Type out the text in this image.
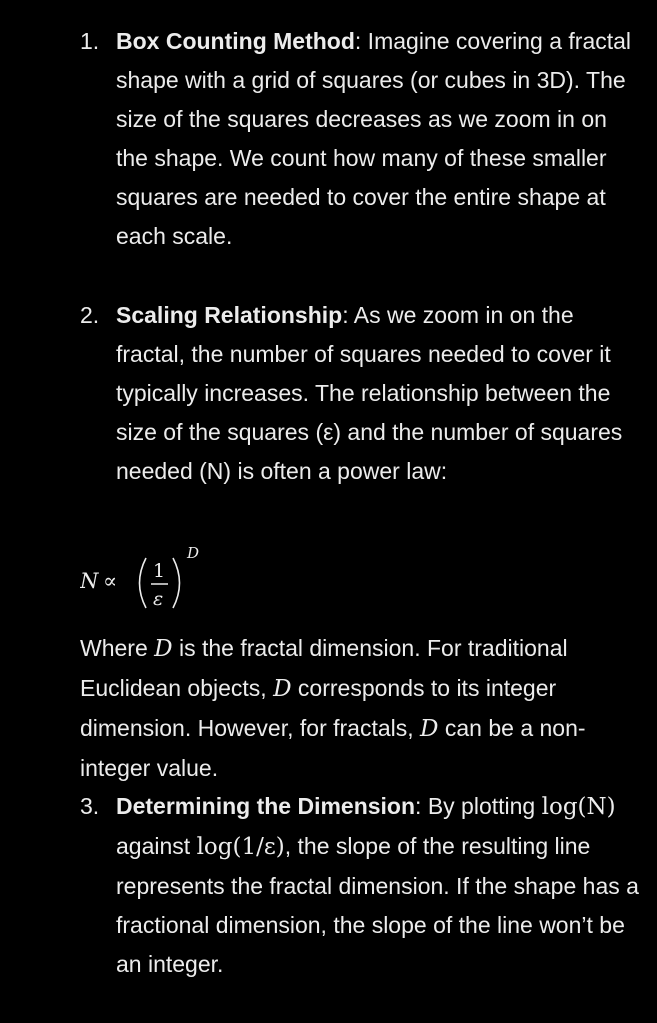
1. Box Counting Method: Imagine covering a fractal shape with a grid of squares (or cubes in 3D). The size of the squares decreases as we zoom in on the shape. We count how many of these smaller squares are needed to cover the entire shape at each scale.
2. Scaling Relationship: As we zoom in on the fractal, the number of squares needed to cover it typically increases. The relationship between the size of the squares (ε) and the number of squares needed (N) is often a power law:
N ∝ 1
ε
D
Where D is the fractal dimension. For traditional Euclidean objects, D corresponds to its integer dimension. However, for fractals, D can be a non-integer value.
3. Determining the Dimension: By plotting log(N) against log(1/ε), the slope of the resulting line represents the fractal dimension. If the shape has a fractional dimension, the slope of the line won’t be an integer.
